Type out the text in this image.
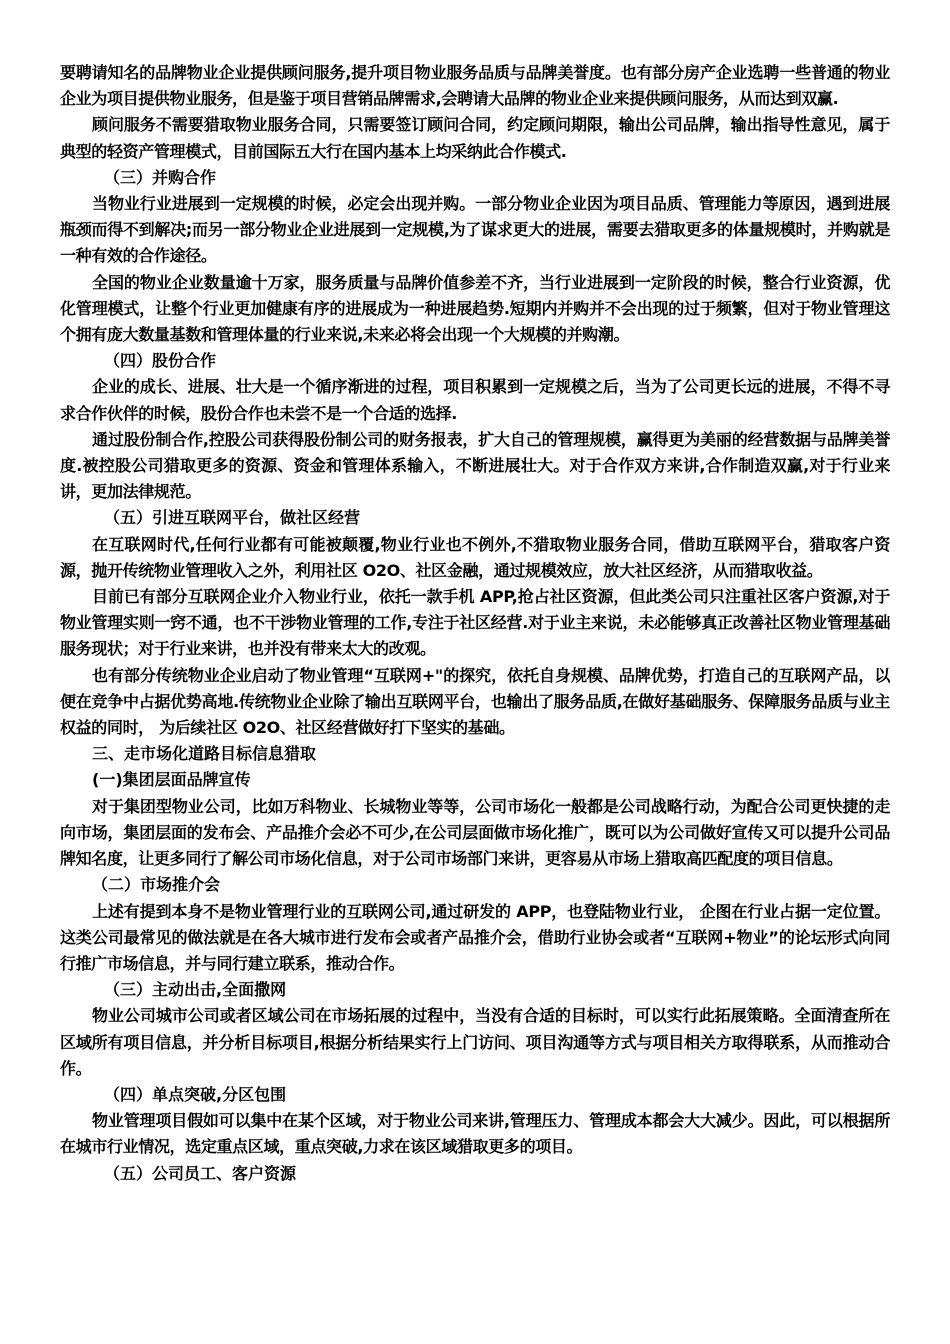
要聘请知名的品牌物业企业提供顾问服务,提升项目物业服务品质与品牌美誉度。也有部分房产企业选聘一些普通的物业企业为项目提供物业服务，但是鉴于项目营销品牌需求,会聘请大品牌的物业企业来提供顾问服务，从而达到双赢.

顾问服务不需要猎取物业服务合同，只需要签订顾问合同，约定顾问期限，输出公司品牌，输出指导性意见，属于典型的轻资产管理模式，目前国际五大行在国内基本上均采纳此合作模式.

（三）并购合作

当物业行业进展到一定规模的时候，必定会出现并购。一部分物业企业因为项目品质、管理能力等原因，遇到进展瓶颈而得不到解决;而另一部分物业企业进展到一定规模,为了谋求更大的进展，需要去猎取更多的体量规模时，并购就是一种有效的合作途径。

全国的物业企业数量逾十万家，服务质量与品牌价值参差不齐，当行业进展到一定阶段的时候，整合行业资源，优化管理模式，让整个行业更加健康有序的进展成为一种进展趋势.短期内并购并不会出现的过于频繁，但对于物业管理这个拥有庞大数量基数和管理体量的行业来说,未来必将会出现一个大规模的并购潮。

（四）股份合作

企业的成长、进展、壮大是一个循序渐进的过程，项目积累到一定规模之后，当为了公司更长远的进展，不得不寻求合作伙伴的时候，股份合作也未尝不是一个合适的选择.

通过股份制合作,控股公司获得股份制公司的财务报表，扩大自己的管理规模，赢得更为美丽的经营数据与品牌美誉度.被控股公司猎取更多的资源、资金和管理体系输入，不断进展壮大。对于合作双方来讲,合作制造双赢,对于行业来讲，更加法律规范。

（五）引进互联网平台，做社区经营

在互联网时代,任何行业都有可能被颠覆,物业行业也不例外,不猎取物业服务合同，借助互联网平台，猎取客户资源，抛开传统物业管理收入之外，利用社区 O2O、社区金融，通过规模效应，放大社区经济，从而猎取收益。

目前已有部分互联网企业介入物业行业，依托一款手机 APP,抢占社区资源，但此类公司只注重社区客户资源,对于物业管理实则一窍不通，也不干涉物业管理的工作,专注于社区经营.对于业主来说，未必能够真正改善社区物业管理基础服务现状；对于行业来讲，也并没有带来太大的改观。

也有部分传统物业企业启动了物业管理“互联网+"的探究，依托自身规模、品牌优势，打造自己的互联网产品，以便在竞争中占据优势高地.传统物业企业除了输出互联网平台，也输出了服务品质,在做好基础服务、保障服务品质与业主权益的同时， 为后续社区 O2O、社区经营做好打下坚实的基础。

三、走市场化道路目标信息猎取

(一)集团层面品牌宣传

对于集团型物业公司，比如万科物业、长城物业等等，公司市场化一般都是公司战略行动，为配合公司更快捷的走向市场，集团层面的发布会、产品推介会必不可少,在公司层面做市场化推广，既可以为公司做好宣传又可以提升公司品牌知名度，让更多同行了解公司市场化信息，对于公司市场部门来讲，更容易从市场上猎取高匹配度的项目信息。

（二）市场推介会

上述有提到本身不是物业管理行业的互联网公司,通过研发的 APP，也登陆物业行业， 企图在行业占据一定位置。这类公司最常见的做法就是在各大城市进行发布会或者产品推介会，借助行业协会或者“互联网+物业”的论坛形式向同行推广市场信息，并与同行建立联系，推动合作。

（三）主动出击,全面撒网

物业公司城市公司或者区域公司在市场拓展的过程中，当没有合适的目标时，可以实行此拓展策略。全面清查所在区域所有项目信息，并分析目标项目,根据分析结果实行上门访问、项目沟通等方式与项目相关方取得联系，从而推动合作。

（四）单点突破,分区包围

物业管理项目假如可以集中在某个区域，对于物业公司来讲,管理压力、管理成本都会大大减少。因此，可以根据所在城市行业情况，选定重点区域，重点突破,力求在该区域猎取更多的项目。

（五）公司员工、客户资源
